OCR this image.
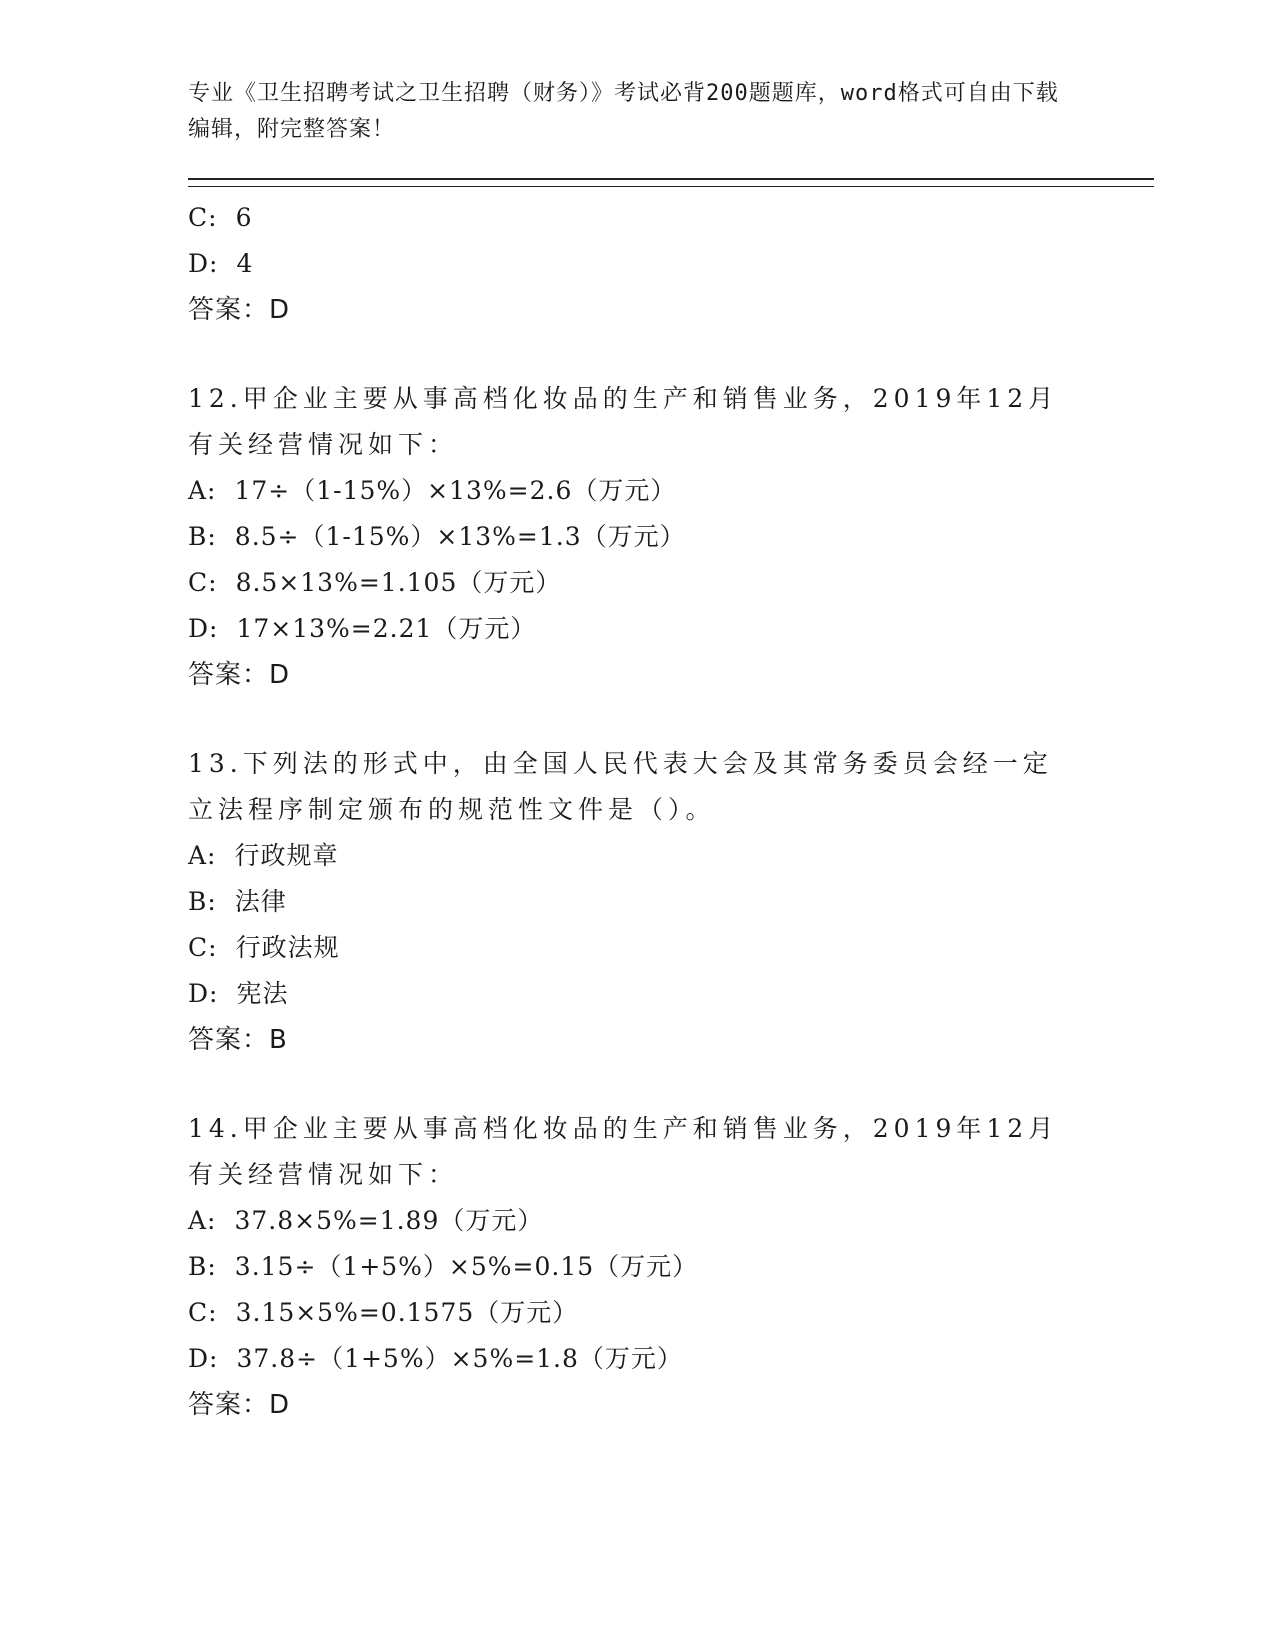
专业《卫生招聘考试之卫生招聘（财务）》考试必背200题题库，word格式可自由下载编辑，附完整答案！
C: 6
D: 4
答案：D
12.甲企业主要从事高档化妆品的生产和销售业务，2019年12月有关经营情况如下：
A: 17÷（1-15%）×13%=2.6（万元）
B: 8.5÷（1-15%）×13%=1.3（万元）
C: 8.5×13%=1.105（万元）
D: 17×13%=2.21（万元）
答案：D
13.下列法的形式中，由全国人民代表大会及其常务委员会经一定立法程序制定颁布的规范性文件是（）。
A: 行政规章
B: 法律
C: 行政法规
D: 宪法
答案：B
14.甲企业主要从事高档化妆品的生产和销售业务，2019年12月有关经营情况如下：
A: 37.8×5%=1.89（万元）
B: 3.15÷（1+5%）×5%=0.15（万元）
C: 3.15×5%=0.1575（万元）
D: 37.8÷（1+5%）×5%=1.8（万元）
答案：D
